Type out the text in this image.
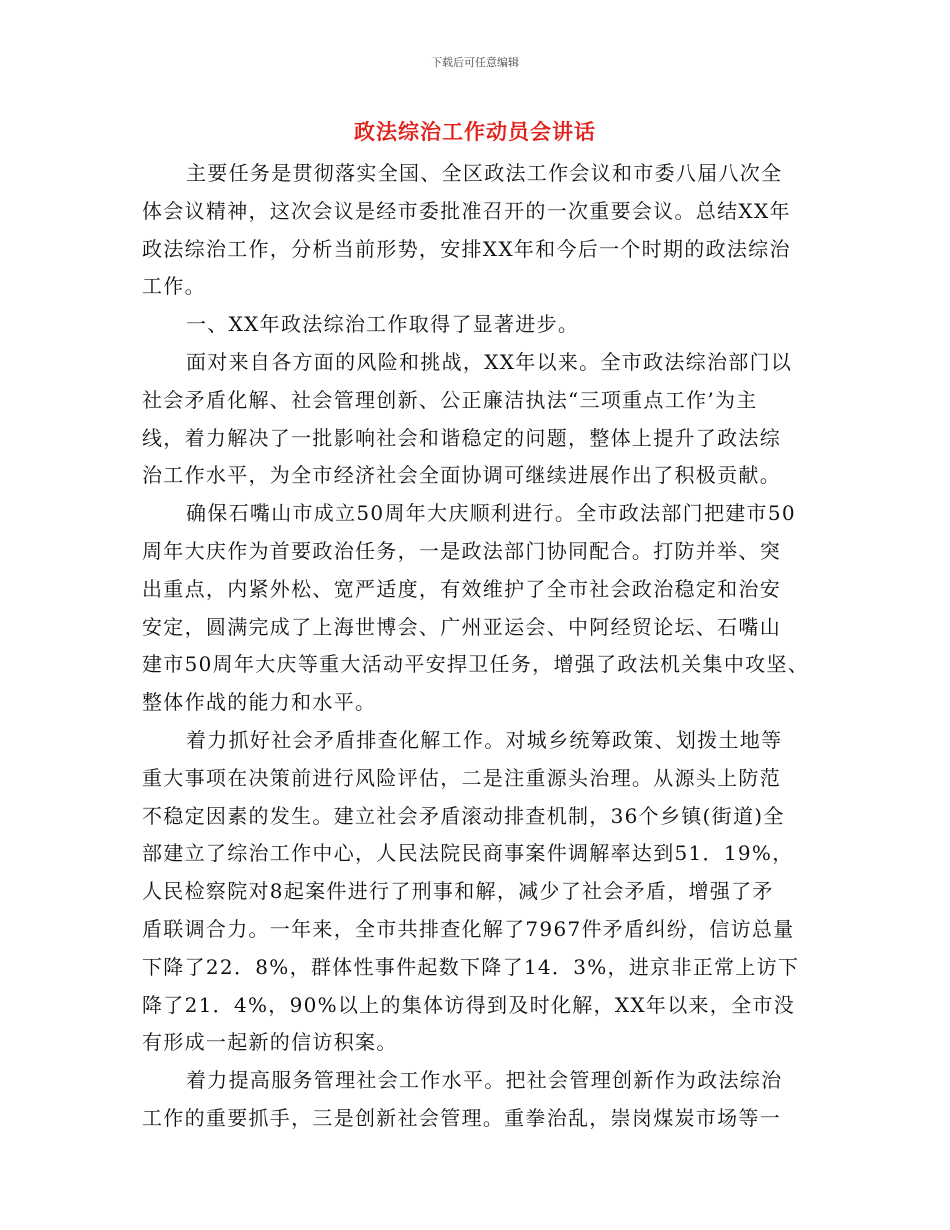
下载后可任意编辑
政法综治工作动员会讲话
主要任务是贯彻落实全国、全区政法工作会议和市委八届八次全
体会议精神，这次会议是经市委批准召开的一次重要会议。总结XX年
政法综治工作，分析当前形势，安排XX年和今后一个时期的政法综治
工作。
一、XX年政法综治工作取得了显著进步。
面对来自各方面的风险和挑战，XX年以来。全市政法综治部门以
社会矛盾化解、社会管理创新、公正廉洁执法“三项重点工作’为主
线，着力解决了一批影响社会和谐稳定的问题，整体上提升了政法综
治工作水平，为全市经济社会全面协调可继续进展作出了积极贡献。
确保石嘴山市成立50周年大庆顺利进行。全市政法部门把建市50
周年大庆作为首要政治任务，一是政法部门协同配合。打防并举、突
出重点，内紧外松、宽严适度，有效维护了全市社会政治稳定和治安
安定，圆满完成了上海世博会、广州亚运会、中阿经贸论坛、石嘴山
建市50周年大庆等重大活动平安捍卫任务，增强了政法机关集中攻坚、
整体作战的能力和水平。
着力抓好社会矛盾排查化解工作。对城乡统筹政策、划拨土地等
重大事项在决策前进行风险评估，二是注重源头治理。从源头上防范
不稳定因素的发生。建立社会矛盾滚动排查机制，36个乡镇(街道)全
部建立了综治工作中心，人民法院民商事案件调解率达到51．19%，
人民检察院对8起案件进行了刑事和解，减少了社会矛盾，增强了矛
盾联调合力。一年来，全市共排查化解了7967件矛盾纠纷，信访总量
下降了22．8%，群体性事件起数下降了14．3%，进京非正常上访下
降了21．4%，90%以上的集体访得到及时化解，XX年以来，全市没
有形成一起新的信访积案。
着力提高服务管理社会工作水平。把社会管理创新作为政法综治
工作的重要抓手，三是创新社会管理。重拳治乱，崇岗煤炭市场等一
